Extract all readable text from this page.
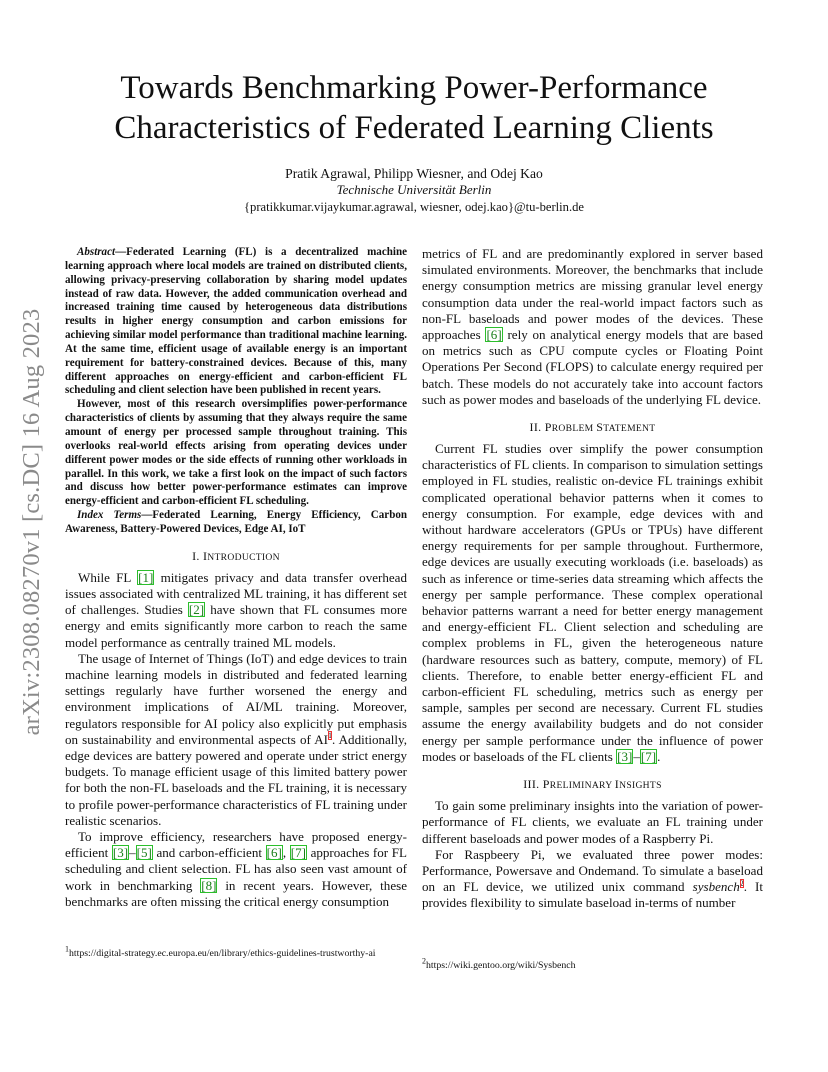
arXiv:2308.08270v1 [cs.DC] 16 Aug 2023
Towards Benchmarking Power-Performance
Characteristics of Federated Learning Clients
Pratik Agrawal, Philipp Wiesner, and Odej Kao
Technische Universität Berlin
{pratikkumar.vijaykumar.agrawal, wiesner, odej.kao}@tu-berlin.de

Abstract—Federated Learning (FL) is a decentralized machine learning approach where local models are trained on distributed clients, allowing privacy-preserving collaboration by sharing model updates instead of raw data. However, the added communication overhead and increased training time caused by heterogeneous data distributions results in higher energy consumption and carbon emissions for achieving similar model performance than traditional machine learning. At the same time, efficient usage of available energy is an important requirement for battery-constrained devices. Because of this, many different approaches on energy-efficient and carbon-efficient FL scheduling and client selection have been published in recent years.

However, most of this research oversimplifies power-performance characteristics of clients by assuming that they always require the same amount of energy per processed sample throughout training. This overlooks real-world effects arising from operating devices under different power modes or the side effects of running other workloads in parallel. In this work, we take a first look on the impact of such factors and discuss how better power-performance estimates can improve energy-efficient and carbon-efficient FL scheduling.

Index Terms—Federated Learning, Energy Efficiency, Carbon Awareness, Battery-Powered Devices, Edge AI, IoT

I. INTRODUCTION

While FL [1] mitigates privacy and data transfer overhead issues associated with centralized ML training, it has different set of challenges. Studies [2] have shown that FL consumes more energy and emits significantly more carbon to reach the same model performance as centrally trained ML models.

The usage of Internet of Things (IoT) and edge devices to train machine learning models in distributed and federated learning settings regularly have further worsened the energy and environment implications of AI/ML training. Moreover, regulators responsible for AI policy also explicitly put emphasis on sustainability and environmental aspects of AI$^1$. Additionally, edge devices are battery powered and operate under strict energy budgets. To manage efficient usage of this limited battery power for both the non-FL baseloads and the FL training, it is necessary to profile power-performance characteristics of FL training under realistic scenarios.

To improve efficiency, researchers have proposed energy-efficient [3]–[5] and carbon-efficient [6], [7] approaches for FL scheduling and client selection. FL has also seen vast amount of work in benchmarking [8] in recent years. However, these benchmarks are often missing the critical energy consumption

metrics of FL and are predominantly explored in server based simulated environments. Moreover, the benchmarks that include energy consumption metrics are missing granular level energy consumption data under the real-world impact factors such as non-FL baseloads and power modes of the devices. These approaches [6] rely on analytical energy models that are based on metrics such as CPU compute cycles or Floating Point Operations Per Second (FLOPS) to calculate energy required per batch. These models do not accurately take into account factors such as power modes and baseloads of the underlying FL device.

II. PROBLEM STATEMENT

Current FL studies over simplify the power consumption characteristics of FL clients. In comparison to simulation settings employed in FL studies, realistic on-device FL trainings exhibit complicated operational behavior patterns when it comes to energy consumption. For example, edge devices with and without hardware accelerators (GPUs or TPUs) have different energy requirements for per sample throughout. Furthermore, edge devices are usually executing workloads (i.e. baseloads) as such as inference or time-series data streaming which affects the energy per sample performance. These complex operational behavior patterns warrant a need for better energy management and energy-efficient FL. Client selection and scheduling are complex problems in FL, given the heterogeneous nature (hardware resources such as battery, compute, memory) of FL clients. Therefore, to enable better energy-efficient FL and carbon-efficient FL scheduling, metrics such as energy per sample, samples per second are necessary. Current FL studies assume the energy availability budgets and do not consider energy per sample performance under the influence of power modes or baseloads of the FL clients [3]–[7].

III. PRELIMINARY INSIGHTS

To gain some preliminary insights into the variation of power-performance of FL clients, we evaluate an FL training under different baseloads and power modes of a Raspberry Pi.

For Raspbeery Pi, we evaluated three power modes: Performance, Powersave and Ondemand. To simulate a baseload on an FL device, we utilized unix command sysbench$^2$. It provides flexibility to simulate baseload in-terms of number

$^1$https://digital-strategy.ec.europa.eu/en/library/ethics-guidelines-trustworthy-ai
$^2$https://wiki.gentoo.org/wiki/Sysbench
